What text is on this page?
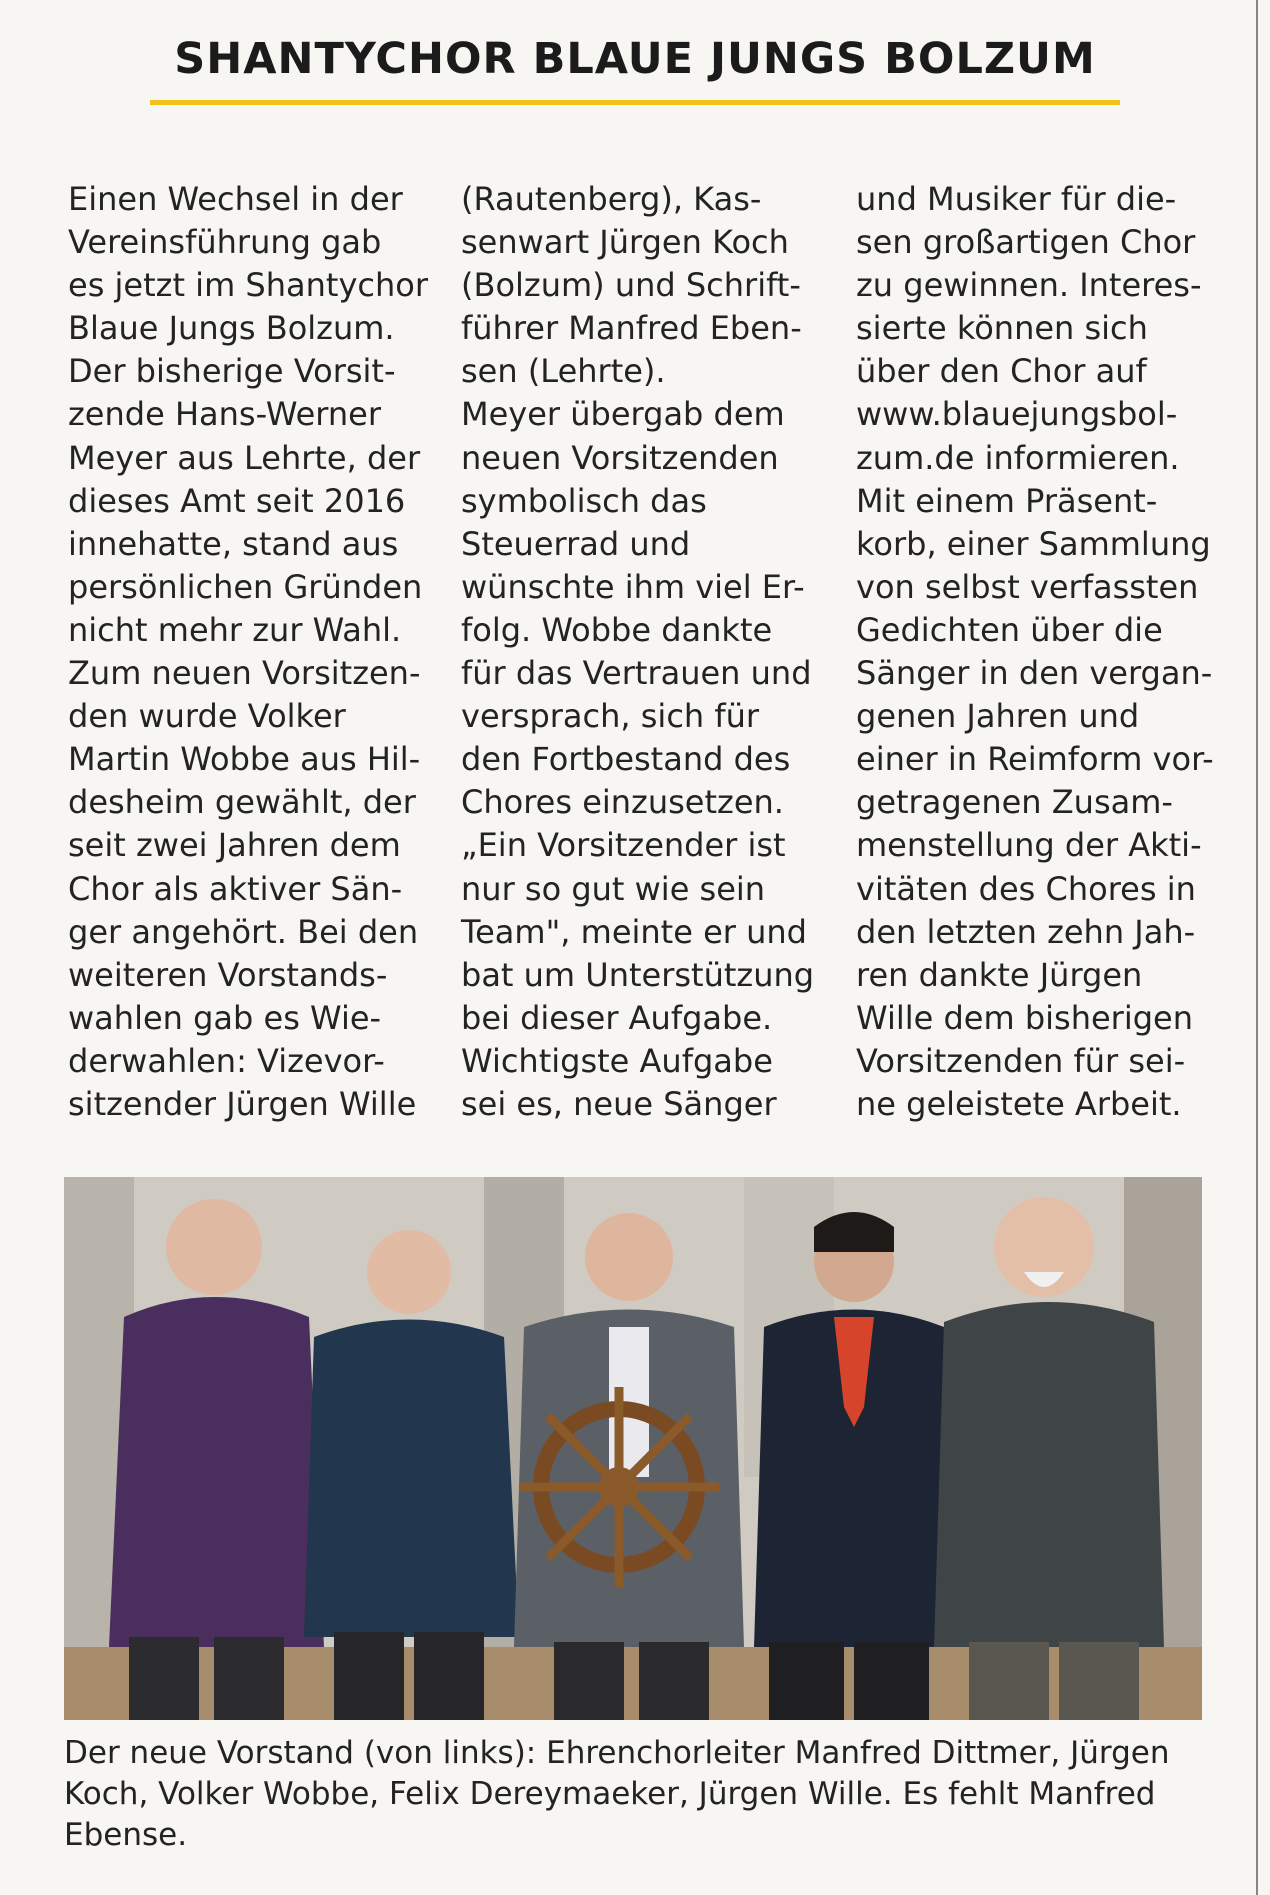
SHANTYCHOR BLAUE JUNGS BOLZUM

Einen Wechsel in der
Vereinsführung gab
es jetzt im Shantychor
Blaue Jungs Bolzum.
Der bisherige Vorsit-
zende Hans-Werner
Meyer aus Lehrte, der
dieses Amt seit 2016
innehatte, stand aus
persönlichen Gründen
nicht mehr zur Wahl.
Zum neuen Vorsitzen-
den wurde Volker
Martin Wobbe aus Hil-
desheim gewählt, der
seit zwei Jahren dem
Chor als aktiver Sän-
ger angehört. Bei den
weiteren Vorstands-
wahlen gab es Wie-
derwahlen: Vizevor-
sitzender Jürgen Wille

(Rautenberg), Kas-
senwart Jürgen Koch
(Bolzum) und Schrift-
führer Manfred Eben-
sen (Lehrte).
Meyer übergab dem
neuen Vorsitzenden
symbolisch das
Steuerrad und
wünschte ihm viel Er-
folg. Wobbe dankte
für das Vertrauen und
versprach, sich für
den Fortbestand des
Chores einzusetzen.
„Ein Vorsitzender ist
nur so gut wie sein
Team", meinte er und
bat um Unterstützung
bei dieser Aufgabe.
Wichtigste Aufgabe
sei es, neue Sänger

und Musiker für die-
sen großartigen Chor
zu gewinnen. Interes-
sierte können sich
über den Chor auf
www.blauejungsbol-
zum.de informieren.
Mit einem Präsent-
korb, einer Sammlung
von selbst verfassten
Gedichten über die
Sänger in den vergan-
genen Jahren und
einer in Reimform vor-
getragenen Zusam-
menstellung der Akti-
vitäten des Chores in
den letzten zehn Jah-
ren dankte Jürgen
Wille dem bisherigen
Vorsitzenden für sei-
ne geleistete Arbeit.

Der neue Vorstand (von links): Ehrenchorleiter Manfred Dittmer, Jürgen
Koch, Volker Wobbe, Felix Dereymaeker, Jürgen Wille. Es fehlt Manfred
Ebense.
